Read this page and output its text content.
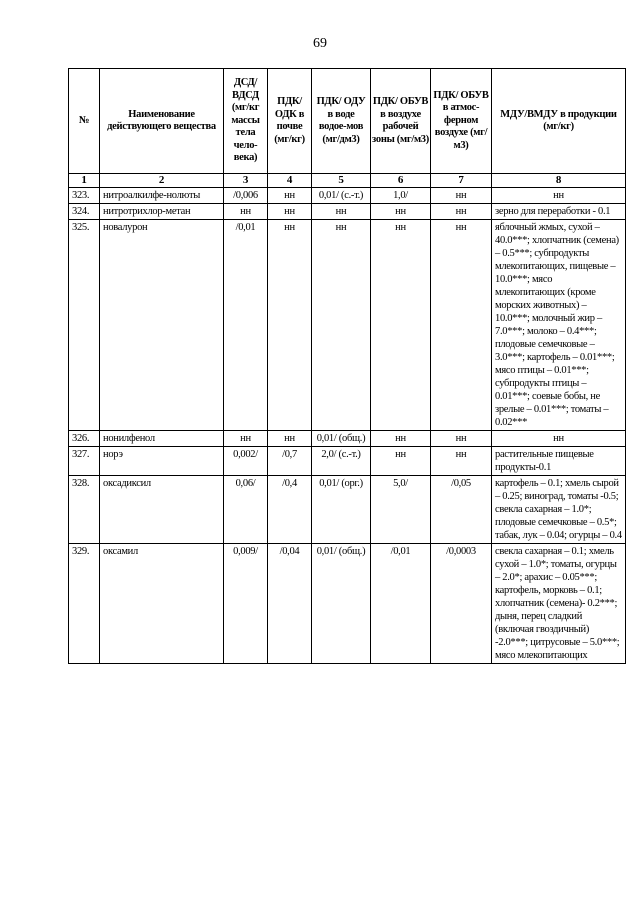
69
№	Наименование действующего вещества	ДСД/ ВДСД (мг/кг массы тела чело-века)	ПДК/ ОДК в почве (мг/кг)	ПДК/ ОДУ в воде водое-мов (мг/дм3)	ПДК/ ОБУВ в воздухе рабочей зоны (мг/м3)	ПДК/ ОБУВ в атмос-ферном воздухе (мг/м3)	МДУ/ВМДУ в продукции (мг/кг)
1	2	3	4	5	6	7	8
323.	нитроалкилфе-нолюты	/0,006	нн	0,01/ (с.-т.)	1,0/	нн	нн
324.	нитротрихлор-метан	нн	нн	нн	нн	нн	зерно для переработки - 0.1
325.	новалурон	/0,01	нн	нн	нн	нн	яблочный жмых, сухой – 40.0***; хлопчатник (семена) – 0.5***; субпродукты млекопитающих, пищевые – 10.0***; мясо млекопитающих (кроме морских животных) – 10.0***; молочный жир – 7.0***; молоко – 0.4***; плодовые семечковые – 3.0***; картофель – 0.01***; мясо птицы – 0.01***; субпродукты птицы – 0.01***; соевые бобы, не зрелые – 0.01***; томаты – 0.02***
326.	нонилфенол	нн	нн	0,01/ (общ.)	нн	нн	нн
327.	норэ	0,002/	/0,7	2,0/ (с.-т.)	нн	нн	растительные пищевые продукты-0.1
328.	оксадиксил	0,06/	/0,4	0,01/ (орг.)	5,0/	/0,05	картофель – 0.1; хмель сырой – 0.25; виноград, томаты -0.5; свекла сахарная – 1.0*; плодовые семечковые – 0.5*; табак, лук – 0.04; огурцы – 0.4
329.	оксамил	0,009/	/0,04	0,01/ (общ.)	/0,01	/0,0003	свекла сахарная – 0.1; хмель сухой – 1.0*; томаты, огурцы – 2.0*; арахис – 0.05***; картофель, морковь – 0.1; хлопчатник (семена)- 0.2***; дыня, перец сладкий (включая гвоздичный) -2.0***; цитрусовые – 5.0***; мясо млекопитающих
